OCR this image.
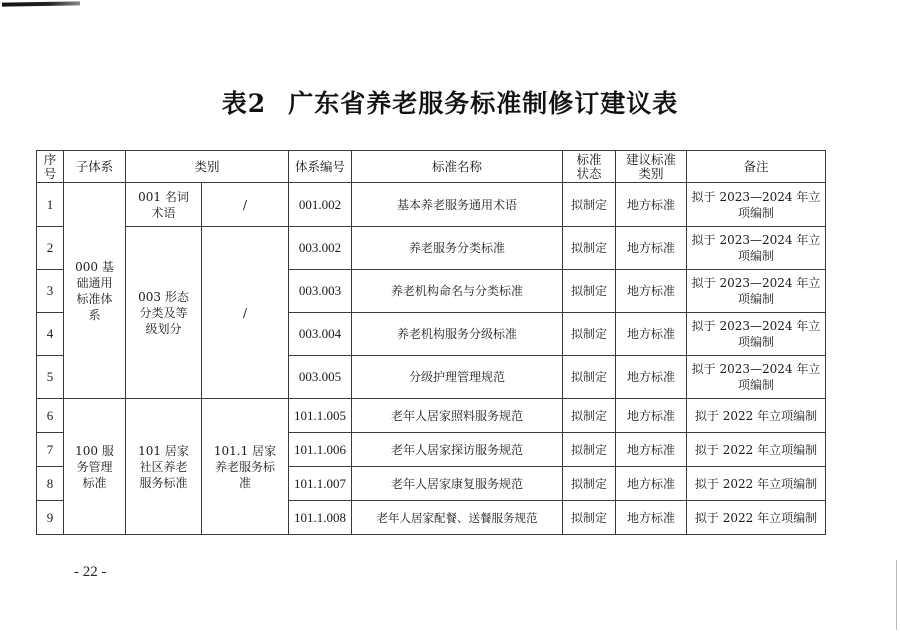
表2 广东省养老服务标准制修订建议表
序号	子体系	类别		体系编号	标准名称	标准状态	建议标准类别	备注
1	000 基础通用标准体系	001 名词术语	/	001.002	基本养老服务通用术语	拟制定	地方标准	拟于 2023—2024 年立项编制
2		003 形态分类及等级划分	/	003.002	养老服务分类标准	拟制定	地方标准	拟于 2023—2024 年立项编制
3				003.003	养老机构命名与分类标准	拟制定	地方标准	拟于 2023—2024 年立项编制
4				003.004	养老机构服务分级标准	拟制定	地方标准	拟于 2023—2024 年立项编制
5				003.005	分级护理管理规范	拟制定	地方标准	拟于 2023—2024 年立项编制
6	100 服务管理标准	101 居家社区养老服务标准	101.1 居家养老服务标准	101.1.005	老年人居家照料服务规范	拟制定	地方标准	拟于 2022 年立项编制
7				101.1.006	老年人居家探访服务规范	拟制定	地方标准	拟于 2022 年立项编制
8				101.1.007	老年人居家康复服务规范	拟制定	地方标准	拟于 2022 年立项编制
9				101.1.008	老年人居家配餐、送餐服务规范	拟制定	地方标准	拟于 2022 年立项编制
- 22 -
